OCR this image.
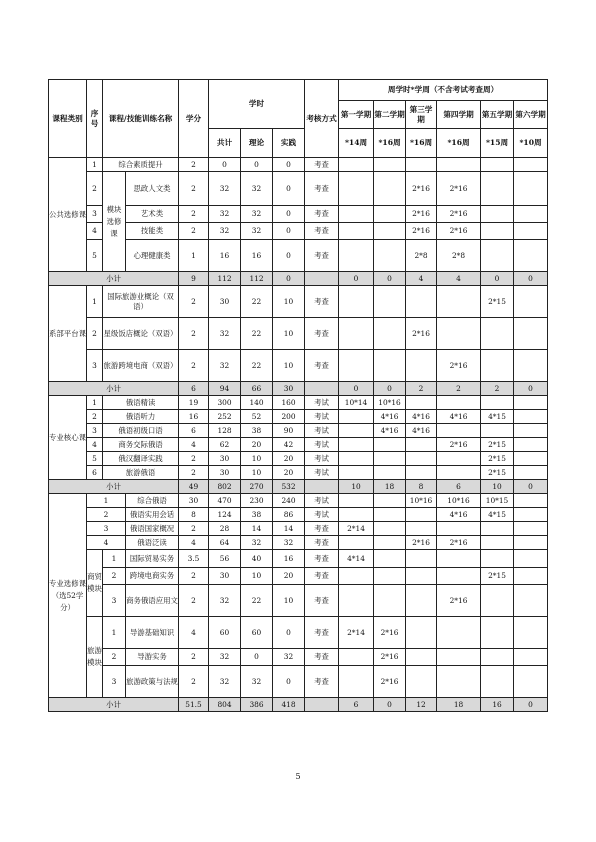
课程类别	序号	课程/技能训练名称		学分	学时			考核方式	周学时*学周（不含考试考查周）					
									第一学期	第二学期	第三学期	第四学期	第五学期	第六学期
					共计	理论	实践		*14周	*16周	*16周	*16周	*15周	*10周
公共选修课	1	综合素质提升		2	0	0	0	考查						
	2	模块选修课	思政人文类	2	32	32	0	考查			2*16	2*16		
	3		艺术类	2	32	32	0	考查			2*16	2*16		
	4		技能类	2	32	32	0	考查			2*16	2*16		
	5		心理健康类	1	16	16	0	考查			2*8	2*8		
小计				9	112	112	0		0	0	4	4	0	0
系部平台课	1	国际旅游业概论（双语）		2	30	22	10	考查					2*15	
	2	星级饭店概论（双语）		2	32	22	10	考查			2*16			
	3	旅游跨境电商（双语）		2	32	22	10	考查				2*16		
小计				6	94	66	30		0	0	2	2	2	0
专业核心课	1	俄语精读		19	300	140	160	考试	10*14	10*16				
	2	俄语听力		16	252	52	200	考试		4*16	4*16	4*16	4*15	
	3	俄语初级口语		6	128	38	90	考试		4*16	4*16			
	4	商务交际俄语		4	62	20	42	考试				2*16	2*15	
	5	俄汉翻译实践		2	30	10	20	考试					2*15	
	6	旅游俄语		2	30	10	20	考试					2*15	
小计				49	802	270	532		10	18	8	6	10	0
专业选修课（选52学分）	1		综合俄语	30	470	230	240	考试			10*16	10*16	10*15	
	2		俄语实用会话	8	124	38	86	考试				4*16	4*15	
	3		俄语国家概况	2	28	14	14	考查	2*14					
	4		俄语泛读	4	64	32	32	考查			2*16	2*16		
	商贸模块	1	国际贸易实务	3.5	56	40	16	考查	4*14					
		2	跨境电商实务	2	30	10	20	考查					2*15	
		3	商务俄语应用文	2	32	22	10	考查				2*16		
	旅游模块	1	导游基础知识	4	60	60	0	考查	2*14	2*16				
		2	导游实务	2	32	0	32	考查		2*16				
		3	旅游政策与法规	2	32	32	0	考查		2*16				
小计				51.5	804	386	418		6	0	12	18	16	0
5
